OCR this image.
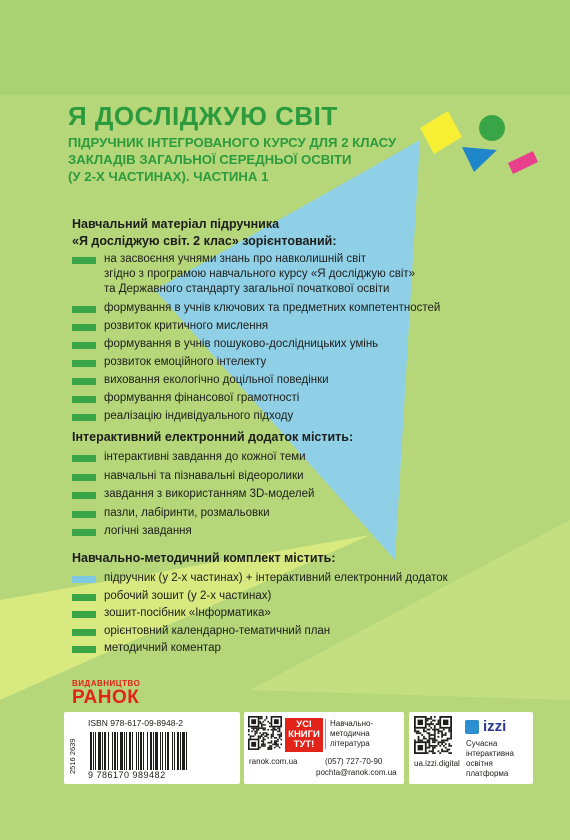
Я ДОСЛІДЖУЮ СВІТ
ПІДРУЧНИК ІНТЕГРОВАНОГО КУРСУ ДЛЯ 2 КЛАСУ
ЗАКЛАДІВ ЗАГАЛЬНОЇ СЕРЕДНЬОЇ ОСВІТИ
(У 2-Х ЧАСТИНАХ). ЧАСТИНА 1
Навчальний матеріал підручника
«Я досліджую світ. 2 клас» зорієнтований:
на засвоєння учнями знань про навколишній світ
згідно з програмою навчального курсу «Я досліджую світ»
та Державного стандарту загальної початкової освіти
формування в учнів ключових та предметних компетентностей
розвиток критичного мислення
формування в учнів пошуково-дослідницьких умінь
розвиток емоційного інтелекту
виховання екологічно доцільної поведінки
формування фінансової грамотності
реалізацію індивідуального підходу
Інтерактивний електронний додаток містить:
інтерактивні завдання до кожної теми
навчальні та пізнавальні відеоролики
завдання з використанням 3D-моделей
пазли, лабіринти, розмальовки
логічні завдання
Навчально-методичний комплект містить:
підручник (у 2-х частинах) + інтерактивний електронний додаток
робочий зошит (у 2-х частинах)
зошит-посібник «Інформатика»
орієнтовний календарно-тематичний план
методичний коментар
ВИДАВНИЦТВО
РАНОК
2516 2639
ISBN 978-617-09-8948-2
9 786170 989482
УСІ
КНИГИ
ТУТ!
Навчально-
методична
література
ranok.com.ua	(057) 727-70-90
pochta@ranok.com.ua
izzi
Сучасна
інтерактивна
освітня
платформа
ua.izzi.digital
